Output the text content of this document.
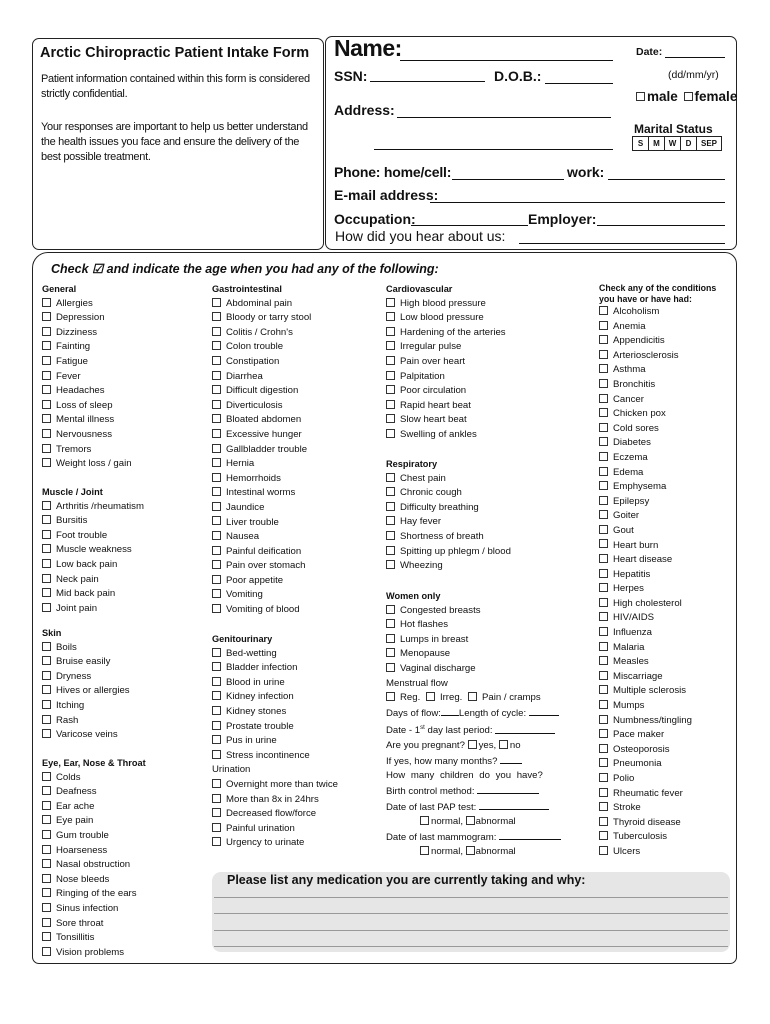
Arctic Chiropractic Patient Intake Form
Patient information contained within this form is considered strictly confidential.
Your responses are important to help us better understand the health issues you face and ensure the delivery of the best possible treatment.
Name:	Date:
SSN:	D.O.B.:	(dd/mm/yr)
male female
Address:
Marital Status
S	M	W	D	SEP
Phone: home/cell:	work:
E-mail address:
Occupation:	Employer:
How did you hear about us:
Check ☑ and indicate the age when you had any of the following:
General
Allergies
Depression
Dizziness
Fainting
Fatigue
Fever
Headaches
Loss of sleep
Mental illness
Nervousness
Tremors
Weight loss / gain
Muscle / Joint
Arthritis /rheumatism
Bursitis
Foot trouble
Muscle weakness
Low back pain
Neck pain
Mid back pain
Joint pain
Skin
Boils
Bruise easily
Dryness
Hives or allergies
Itching
Rash
Varicose veins
Eye, Ear, Nose & Throat
Colds
Deafness
Ear ache
Eye pain
Gum trouble
Hoarseness
Nasal obstruction
Nose bleeds
Ringing of the ears
Sinus infection
Sore throat
Tonsillitis
Vision problems
Gastrointestinal
Abdominal pain
Bloody or tarry stool
Colitis / Crohn's
Colon trouble
Constipation
Diarrhea
Difficult digestion
Diverticulosis
Bloated abdomen
Excessive hunger
Gallbladder trouble
Hernia
Hemorrhoids
Intestinal worms
Jaundice
Liver trouble
Nausea
Painful deification
Pain over stomach
Poor appetite
Vomiting
Vomiting of blood
Genitourinary
Bed-wetting
Bladder infection
Blood in urine
Kidney infection
Kidney stones
Prostate trouble
Pus in urine
Stress incontinence
Urination
Overnight more than twice
More than 8x in 24hrs
Decreased flow/force
Painful urination
Urgency to urinate
Cardiovascular
High blood pressure
Low blood pressure
Hardening of the arteries
Irregular pulse
Pain over heart
Palpitation
Poor circulation
Rapid heart beat
Slow heart beat
Swelling of ankles
Respiratory
Chest pain
Chronic cough
Difficulty breathing
Hay fever
Shortness of breath
Spitting up phlegm / blood
Wheezing
Women only
Congested breasts
Hot flashes
Lumps in breast
Menopause
Vaginal discharge
Menstrual flow
Reg. Irreg. Pain / cramps
Days of flow: Length of cycle:
Date - 1st day last period:
Are you pregnant? yes, no
If yes, how many months?
How many children do you have?
Birth control method:
Date of last PAP test:
normal, abnormal
Date of last mammogram:
normal, abnormal
Check any of the conditions
you have or have had:
Alcoholism
Anemia
Appendicitis
Arteriosclerosis
Asthma
Bronchitis
Cancer
Chicken pox
Cold sores
Diabetes
Eczema
Edema
Emphysema
Epilepsy
Goiter
Gout
Heart burn
Heart disease
Hepatitis
Herpes
High cholesterol
HIV/AIDS
Influenza
Malaria
Measles
Miscarriage
Multiple sclerosis
Mumps
Numbness/tingling
Pace maker
Osteoporosis
Pneumonia
Polio
Rheumatic fever
Stroke
Thyroid disease
Tuberculosis
Ulcers
Please list any medication you are currently taking and why:
